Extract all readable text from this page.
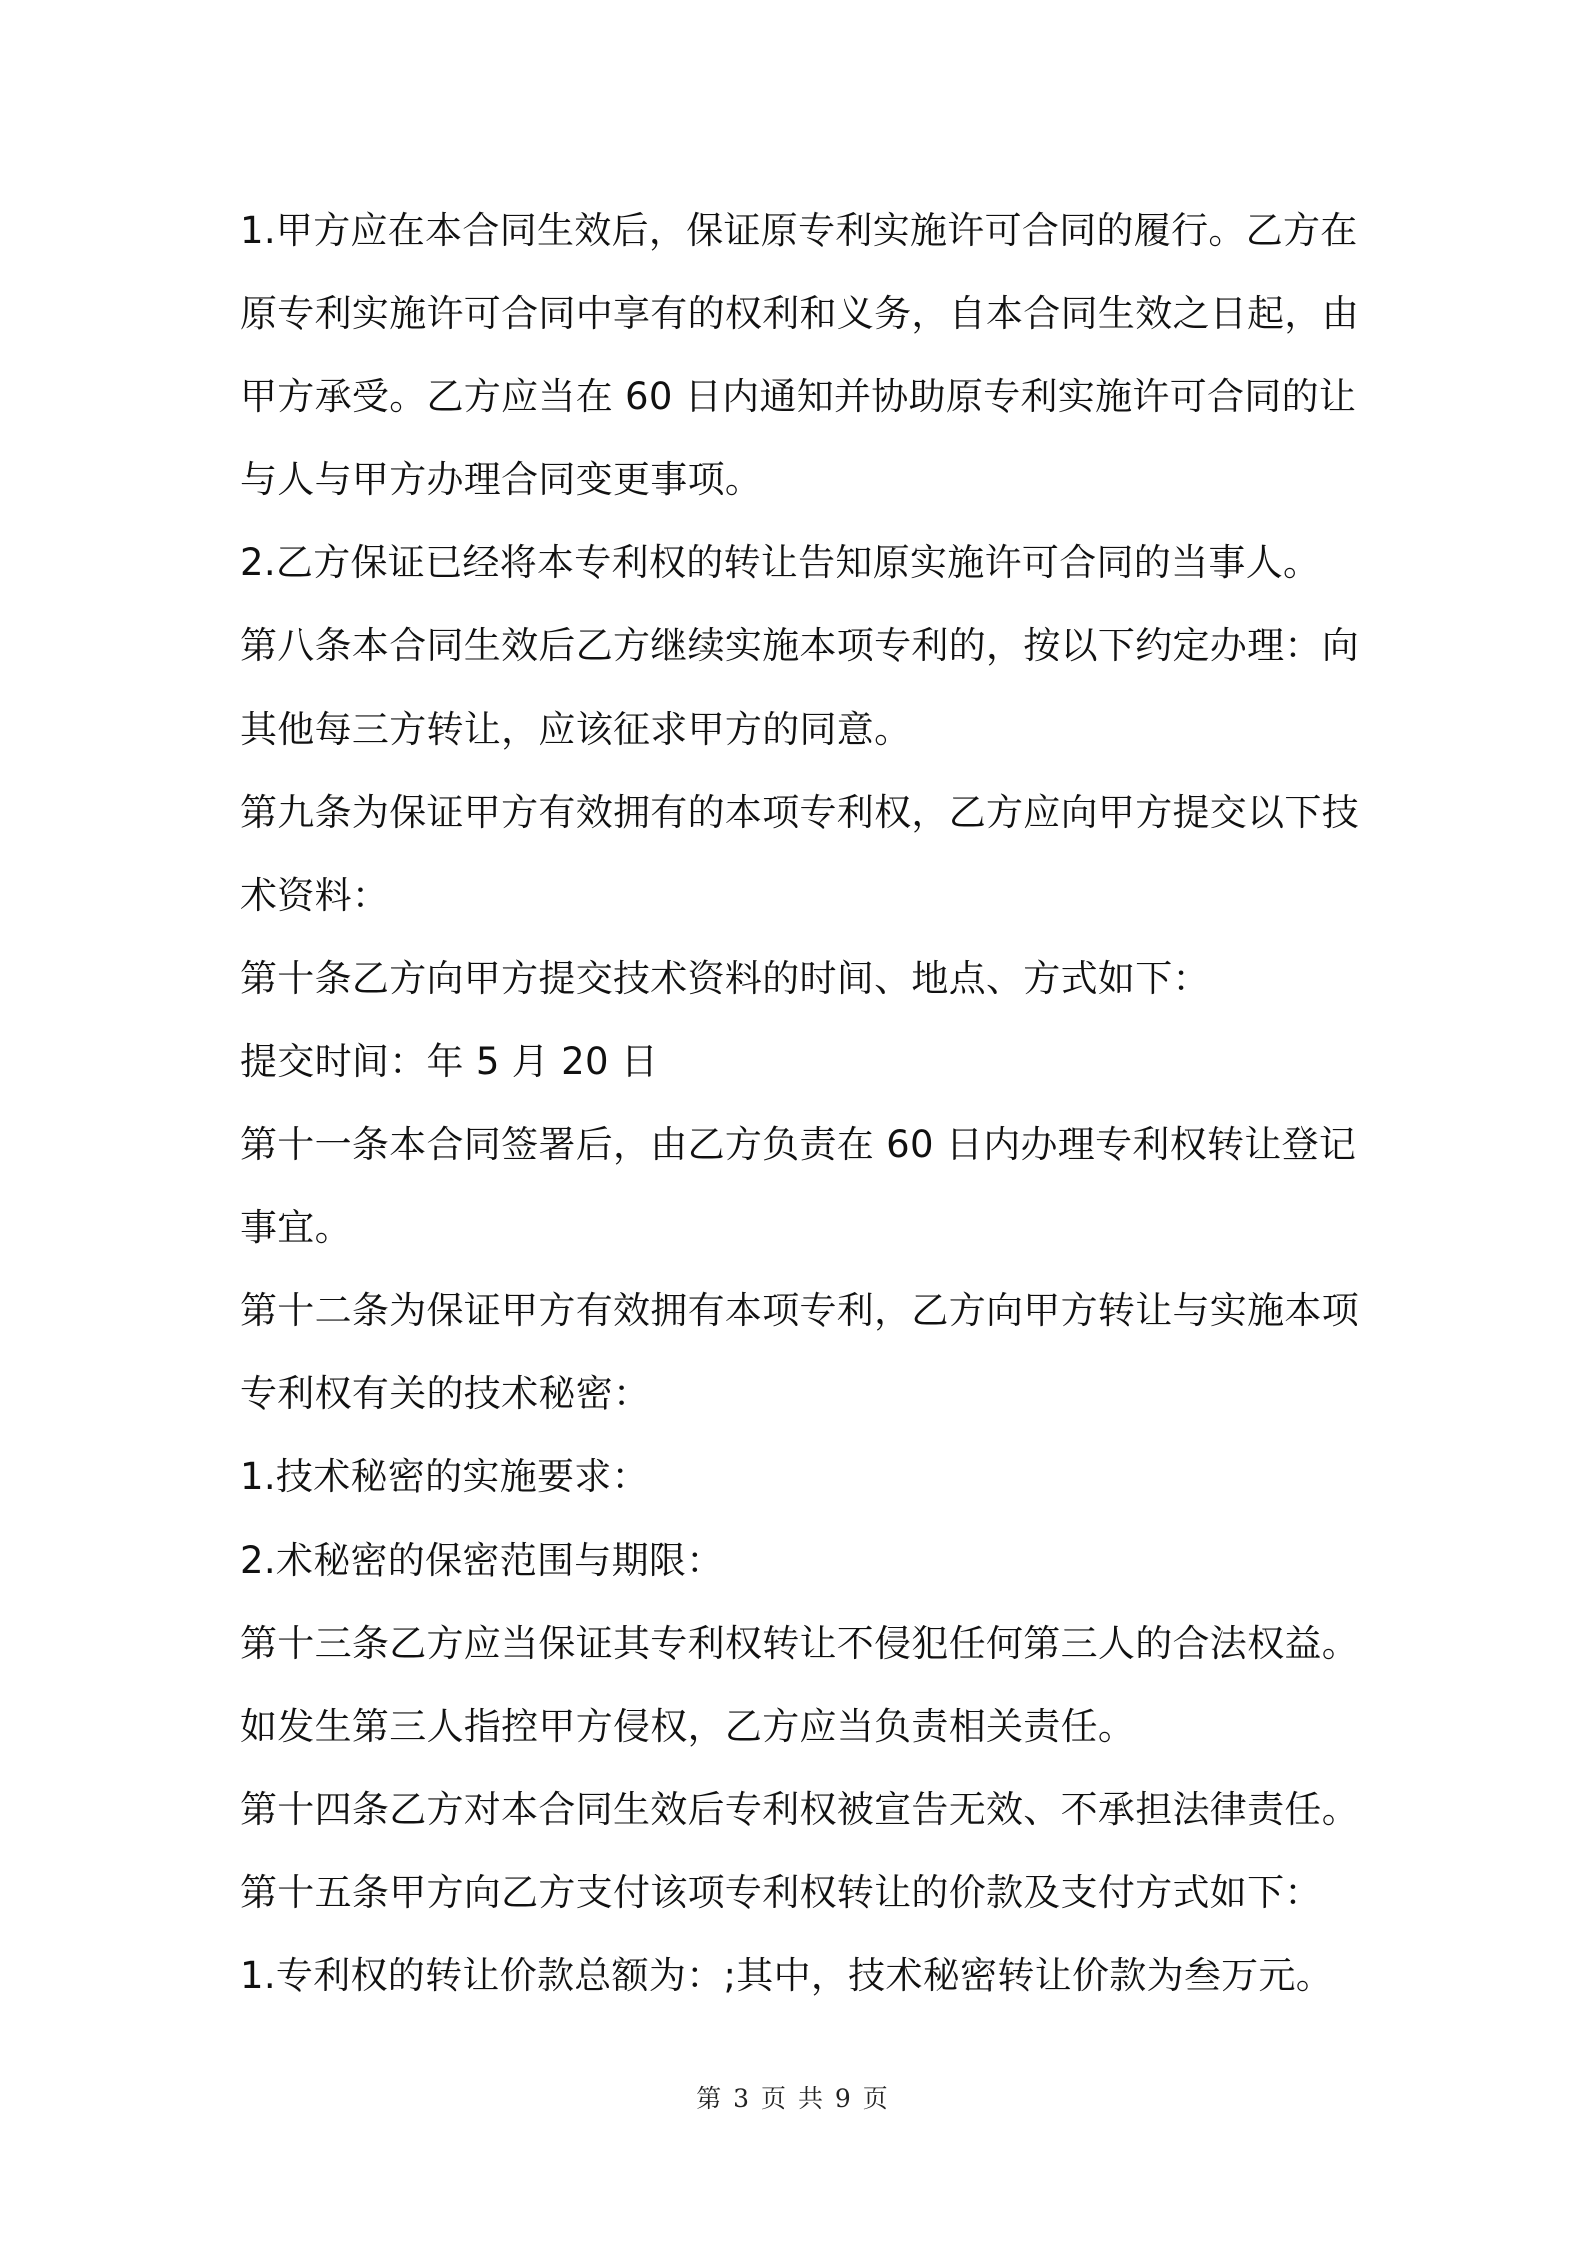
1.甲方应在本合同生效后，保证原专利实施许可合同的履行。乙方在
原专利实施许可合同中享有的权利和义务，自本合同生效之日起，由
甲方承受。乙方应当在 60 日内通知并协助原专利实施许可合同的让
与人与甲方办理合同变更事项。
2.乙方保证已经将本专利权的转让告知原实施许可合同的当事人。
第八条本合同生效后乙方继续实施本项专利的，按以下约定办理：向
其他每三方转让，应该征求甲方的同意。
第九条为保证甲方有效拥有的本项专利权，乙方应向甲方提交以下技
术资料：
第十条乙方向甲方提交技术资料的时间、地点、方式如下：
提交时间：年 5 月 20 日
第十一条本合同签署后，由乙方负责在 60 日内办理专利权转让登记
事宜。
第十二条为保证甲方有效拥有本项专利，乙方向甲方转让与实施本项
专利权有关的技术秘密：
1.技术秘密的实施要求：
2.术秘密的保密范围与期限：
第十三条乙方应当保证其专利权转让不侵犯任何第三人的合法权益。
如发生第三人指控甲方侵权，乙方应当负责相关责任。
第十四条乙方对本合同生效后专利权被宣告无效、不承担法律责任。
第十五条甲方向乙方支付该项专利权转让的价款及支付方式如下：
1.专利权的转让价款总额为：;其中，技术秘密转让价款为叁万元。
第 3 页 共 9 页
